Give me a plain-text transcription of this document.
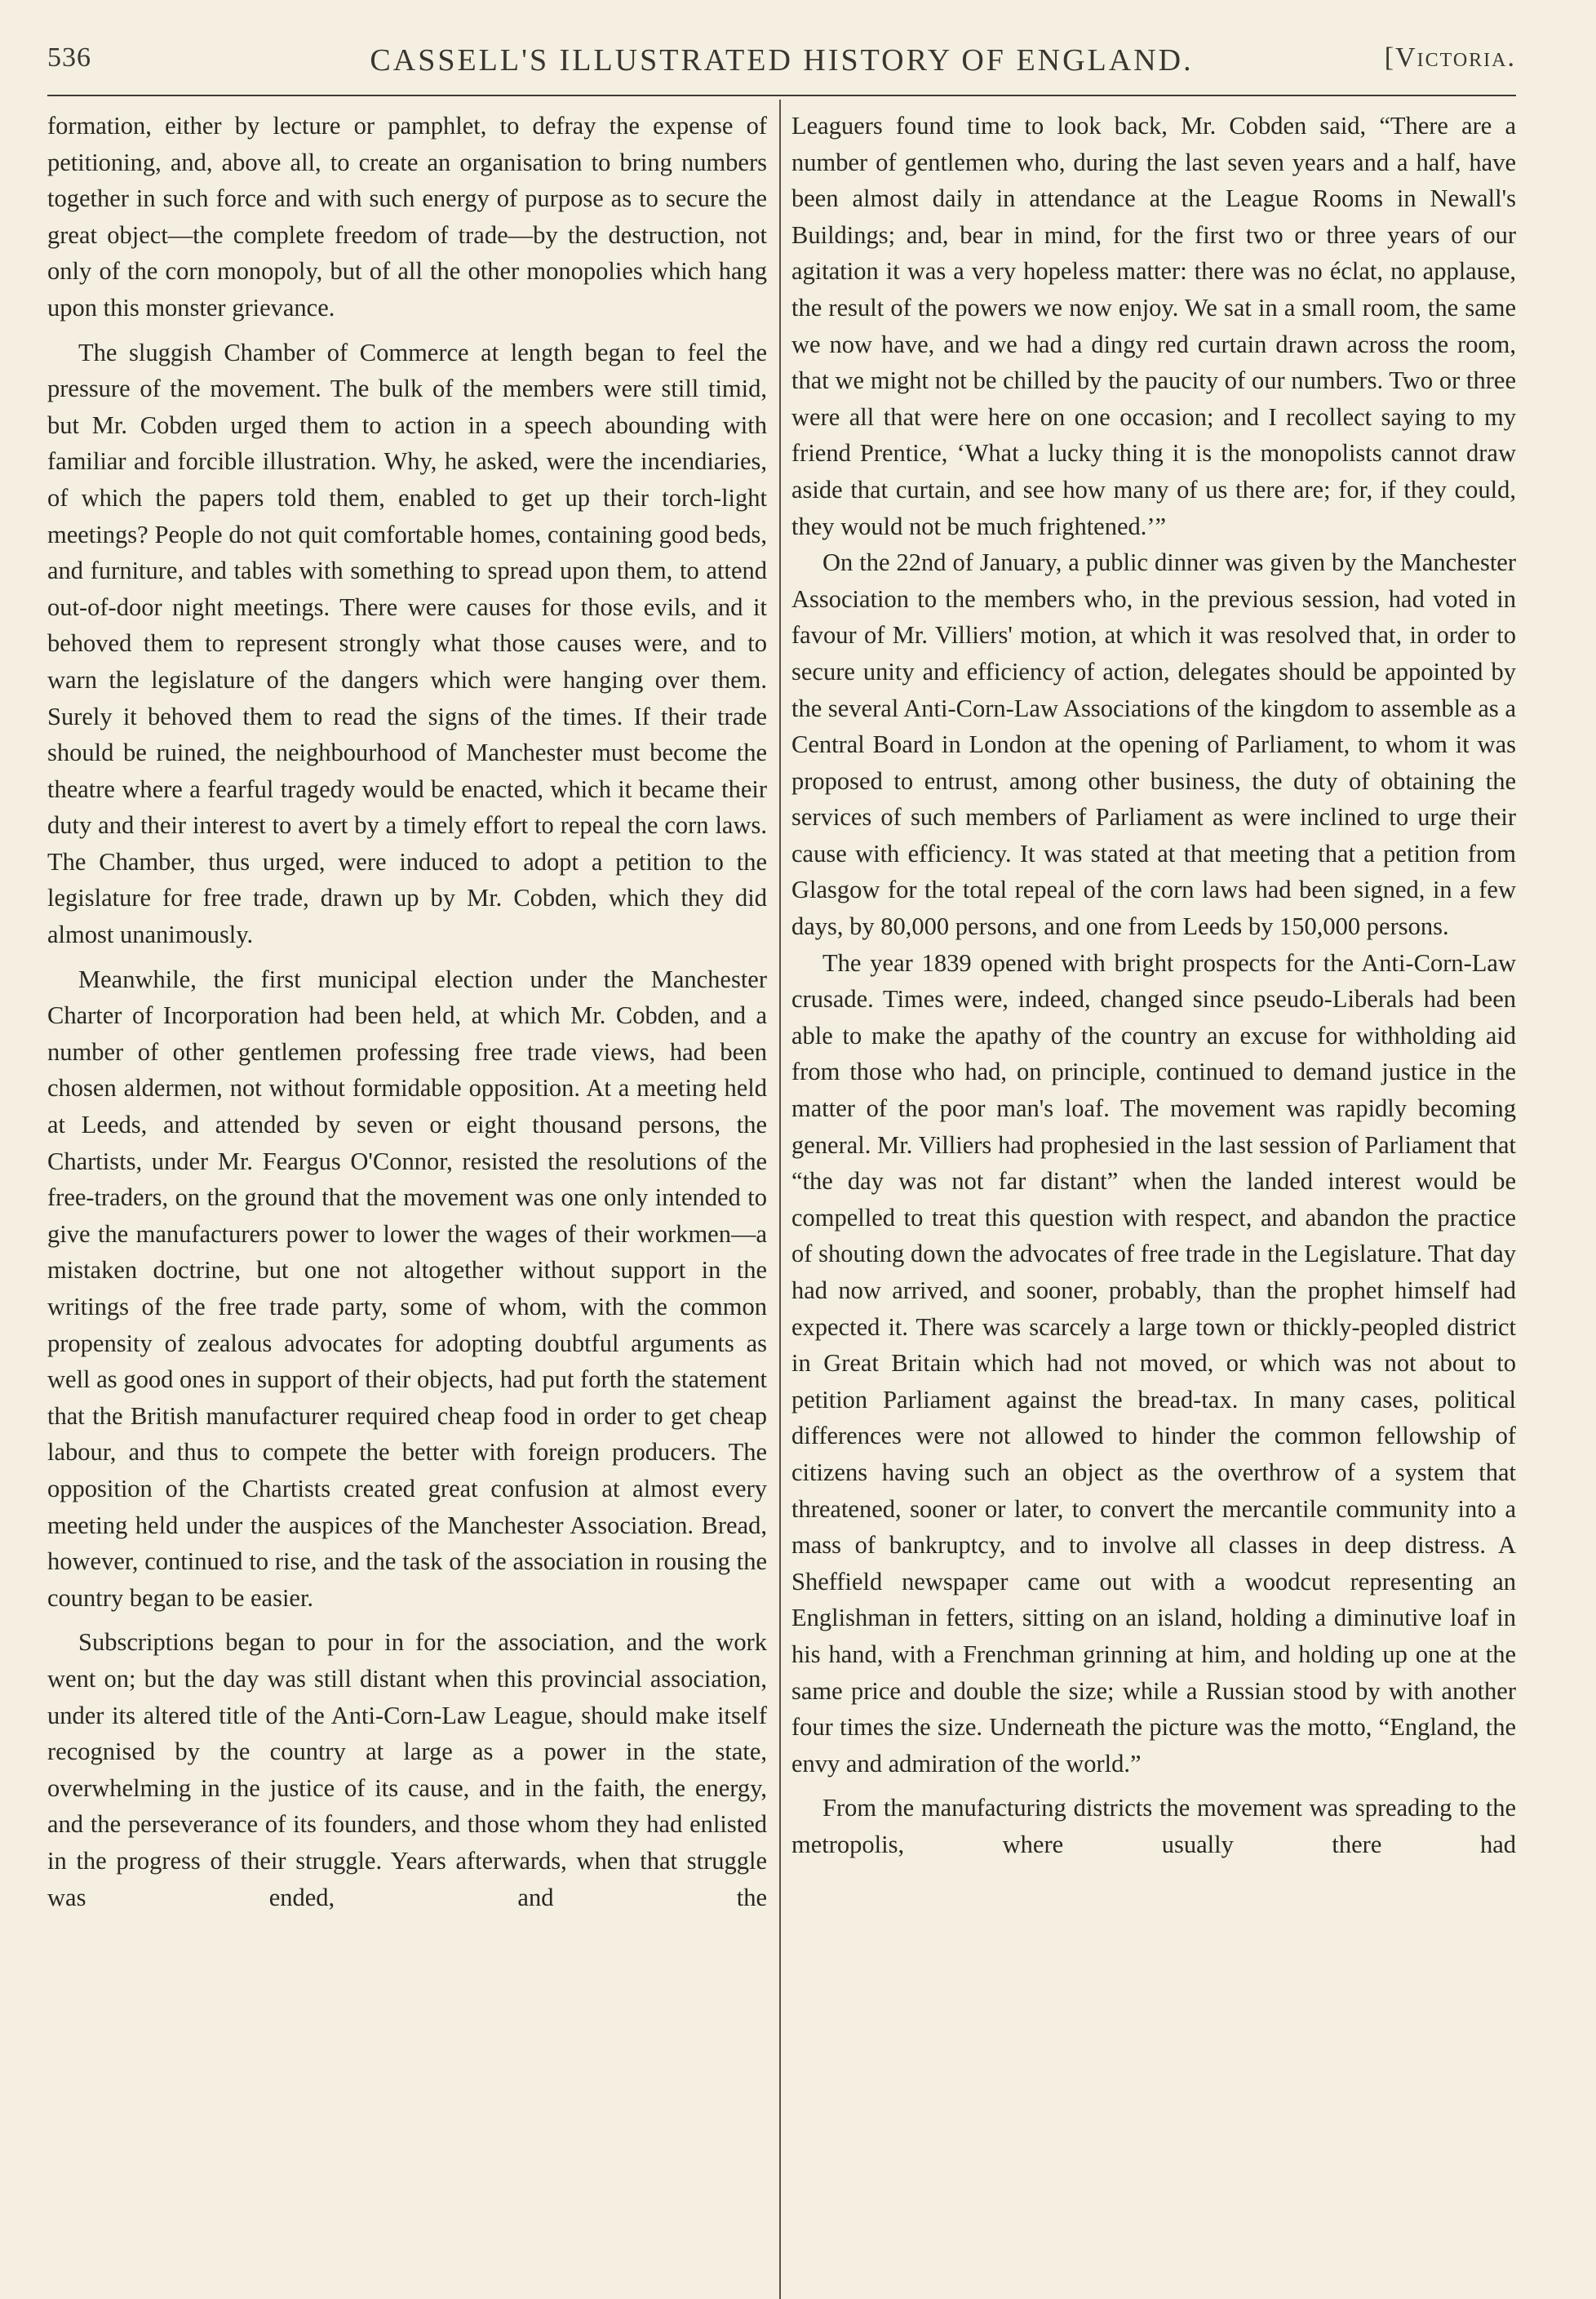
536	CASSELL'S ILLUSTRATED HISTORY OF ENGLAND.	[Victoria.

formation, either by lecture or pamphlet, to defray the expense of petitioning, and, above all, to create an organisation to bring numbers together in such force and with such energy of purpose as to secure the great object—the complete freedom of trade—by the destruction, not only of the corn monopoly, but of all the other monopolies which hang upon this monster grievance.

The sluggish Chamber of Commerce at length began to feel the pressure of the movement. The bulk of the members were still timid, but Mr. Cobden urged them to action in a speech abounding with familiar and forcible illustration. Why, he asked, were the incendiaries, of which the papers told them, enabled to get up their torch-light meetings? People do not quit comfortable homes, containing good beds, and furniture, and tables with something to spread upon them, to attend out-of-door night meetings. There were causes for those evils, and it behoved them to represent strongly what those causes were, and to warn the legislature of the dangers which were hanging over them. Surely it behoved them to read the signs of the times. If their trade should be ruined, the neighbourhood of Manchester must become the theatre where a fearful tragedy would be enacted, which it became their duty and their interest to avert by a timely effort to repeal the corn laws. The Chamber, thus urged, were induced to adopt a petition to the legislature for free trade, drawn up by Mr. Cobden, which they did almost unanimously.

Meanwhile, the first municipal election under the Manchester Charter of Incorporation had been held, at which Mr. Cobden, and a number of other gentlemen professing free trade views, had been chosen aldermen, not without formidable opposition. At a meeting held at Leeds, and attended by seven or eight thousand persons, the Chartists, under Mr. Feargus O'Connor, resisted the resolutions of the free-traders, on the ground that the movement was one only intended to give the manufacturers power to lower the wages of their workmen—a mistaken doctrine, but one not altogether without support in the writings of the free trade party, some of whom, with the common propensity of zealous advocates for adopting doubtful arguments as well as good ones in support of their objects, had put forth the statement that the British manufacturer required cheap food in order to get cheap labour, and thus to compete the better with foreign producers. The opposition of the Chartists created great confusion at almost every meeting held under the auspices of the Manchester Association. Bread, however, continued to rise, and the task of the association in rousing the country began to be easier.

Subscriptions began to pour in for the association, and the work went on; but the day was still distant when this provincial association, under its altered title of the Anti-Corn-Law League, should make itself recognised by the country at large as a power in the state, overwhelming in the justice of its cause, and in the faith, the energy, and the perseverance of its founders, and those whom they had enlisted in the progress of their struggle. Years afterwards, when that struggle was ended, and the

Leaguers found time to look back, Mr. Cobden said, “There are a number of gentlemen who, during the last seven years and a half, have been almost daily in attendance at the League Rooms in Newall's Buildings; and, bear in mind, for the first two or three years of our agitation it was a very hopeless matter: there was no éclat, no applause, the result of the powers we now enjoy. We sat in a small room, the same we now have, and we had a dingy red curtain drawn across the room, that we might not be chilled by the paucity of our numbers. Two or three were all that were here on one occasion; and I recollect saying to my friend Prentice, ‘What a lucky thing it is the monopolists cannot draw aside that curtain, and see how many of us there are; for, if they could, they would not be much frightened.’”

On the 22nd of January, a public dinner was given by the Manchester Association to the members who, in the previous session, had voted in favour of Mr. Villiers' motion, at which it was resolved that, in order to secure unity and efficiency of action, delegates should be appointed by the several Anti-Corn-Law Associations of the kingdom to assemble as a Central Board in London at the opening of Parliament, to whom it was proposed to entrust, among other business, the duty of obtaining the services of such members of Parliament as were inclined to urge their cause with efficiency. It was stated at that meeting that a petition from Glasgow for the total repeal of the corn laws had been signed, in a few days, by 80,000 persons, and one from Leeds by 150,000 persons.

The year 1839 opened with bright prospects for the Anti-Corn-Law crusade. Times were, indeed, changed since pseudo-Liberals had been able to make the apathy of the country an excuse for withholding aid from those who had, on principle, continued to demand justice in the matter of the poor man's loaf. The movement was rapidly becoming general. Mr. Villiers had prophesied in the last session of Parliament that “the day was not far distant” when the landed interest would be compelled to treat this question with respect, and abandon the practice of shouting down the advocates of free trade in the Legislature. That day had now arrived, and sooner, probably, than the prophet himself had expected it. There was scarcely a large town or thickly-peopled district in Great Britain which had not moved, or which was not about to petition Parliament against the bread-tax. In many cases, political differences were not allowed to hinder the common fellowship of citizens having such an object as the overthrow of a system that threatened, sooner or later, to convert the mercantile community into a mass of bankruptcy, and to involve all classes in deep distress. A Sheffield newspaper came out with a woodcut representing an Englishman in fetters, sitting on an island, holding a diminutive loaf in his hand, with a Frenchman grinning at him, and holding up one at the same price and double the size; while a Russian stood by with another four times the size. Underneath the picture was the motto, “England, the envy and admiration of the world.”

From the manufacturing districts the movement was spreading to the metropolis, where usually there had
